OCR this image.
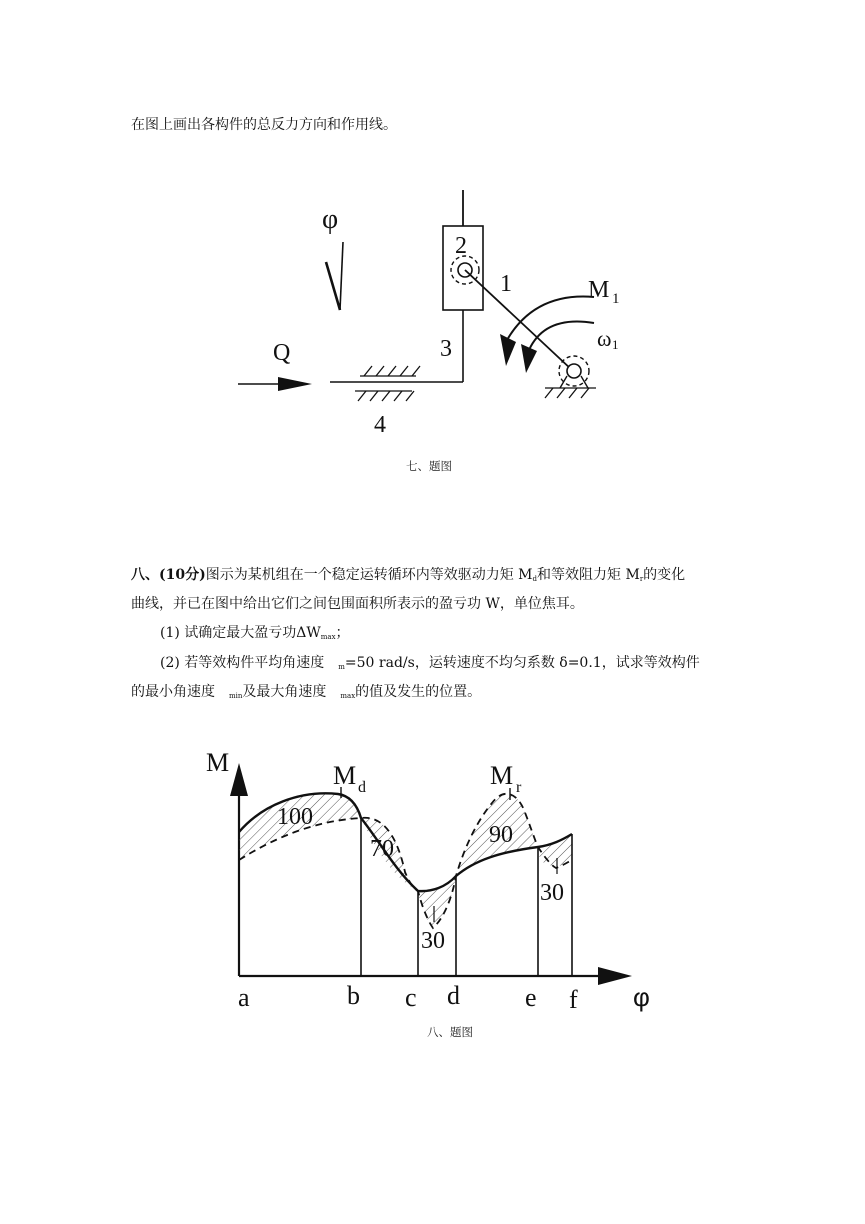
在图上画出各构件的总反力方向和作用线。
φ
2
3
4
Q
1	M 1
ω 1
七、题图
八、(10分)图示为某机组在一个稳定运转循环内等效驱动力矩 $M_d$和等效阻力矩 $M_r$的变化
曲线，并已在图中给出它们之间包围面积所表示的盈亏功 W，单位焦耳。
(1) 试确定最大盈亏功$\Delta W_{max}$；
(2) 若等效构件平均角速度 $_m$=50 rad/s，运转速度不均匀系数 δ=0.1，试求等效构件
的最小角速度 $_{min}$及最大角速度 $_{max}$的值及发生的位置。
M
φ
M d	M r
100
70
30
90
30
a	b c d	e f
八、题图
